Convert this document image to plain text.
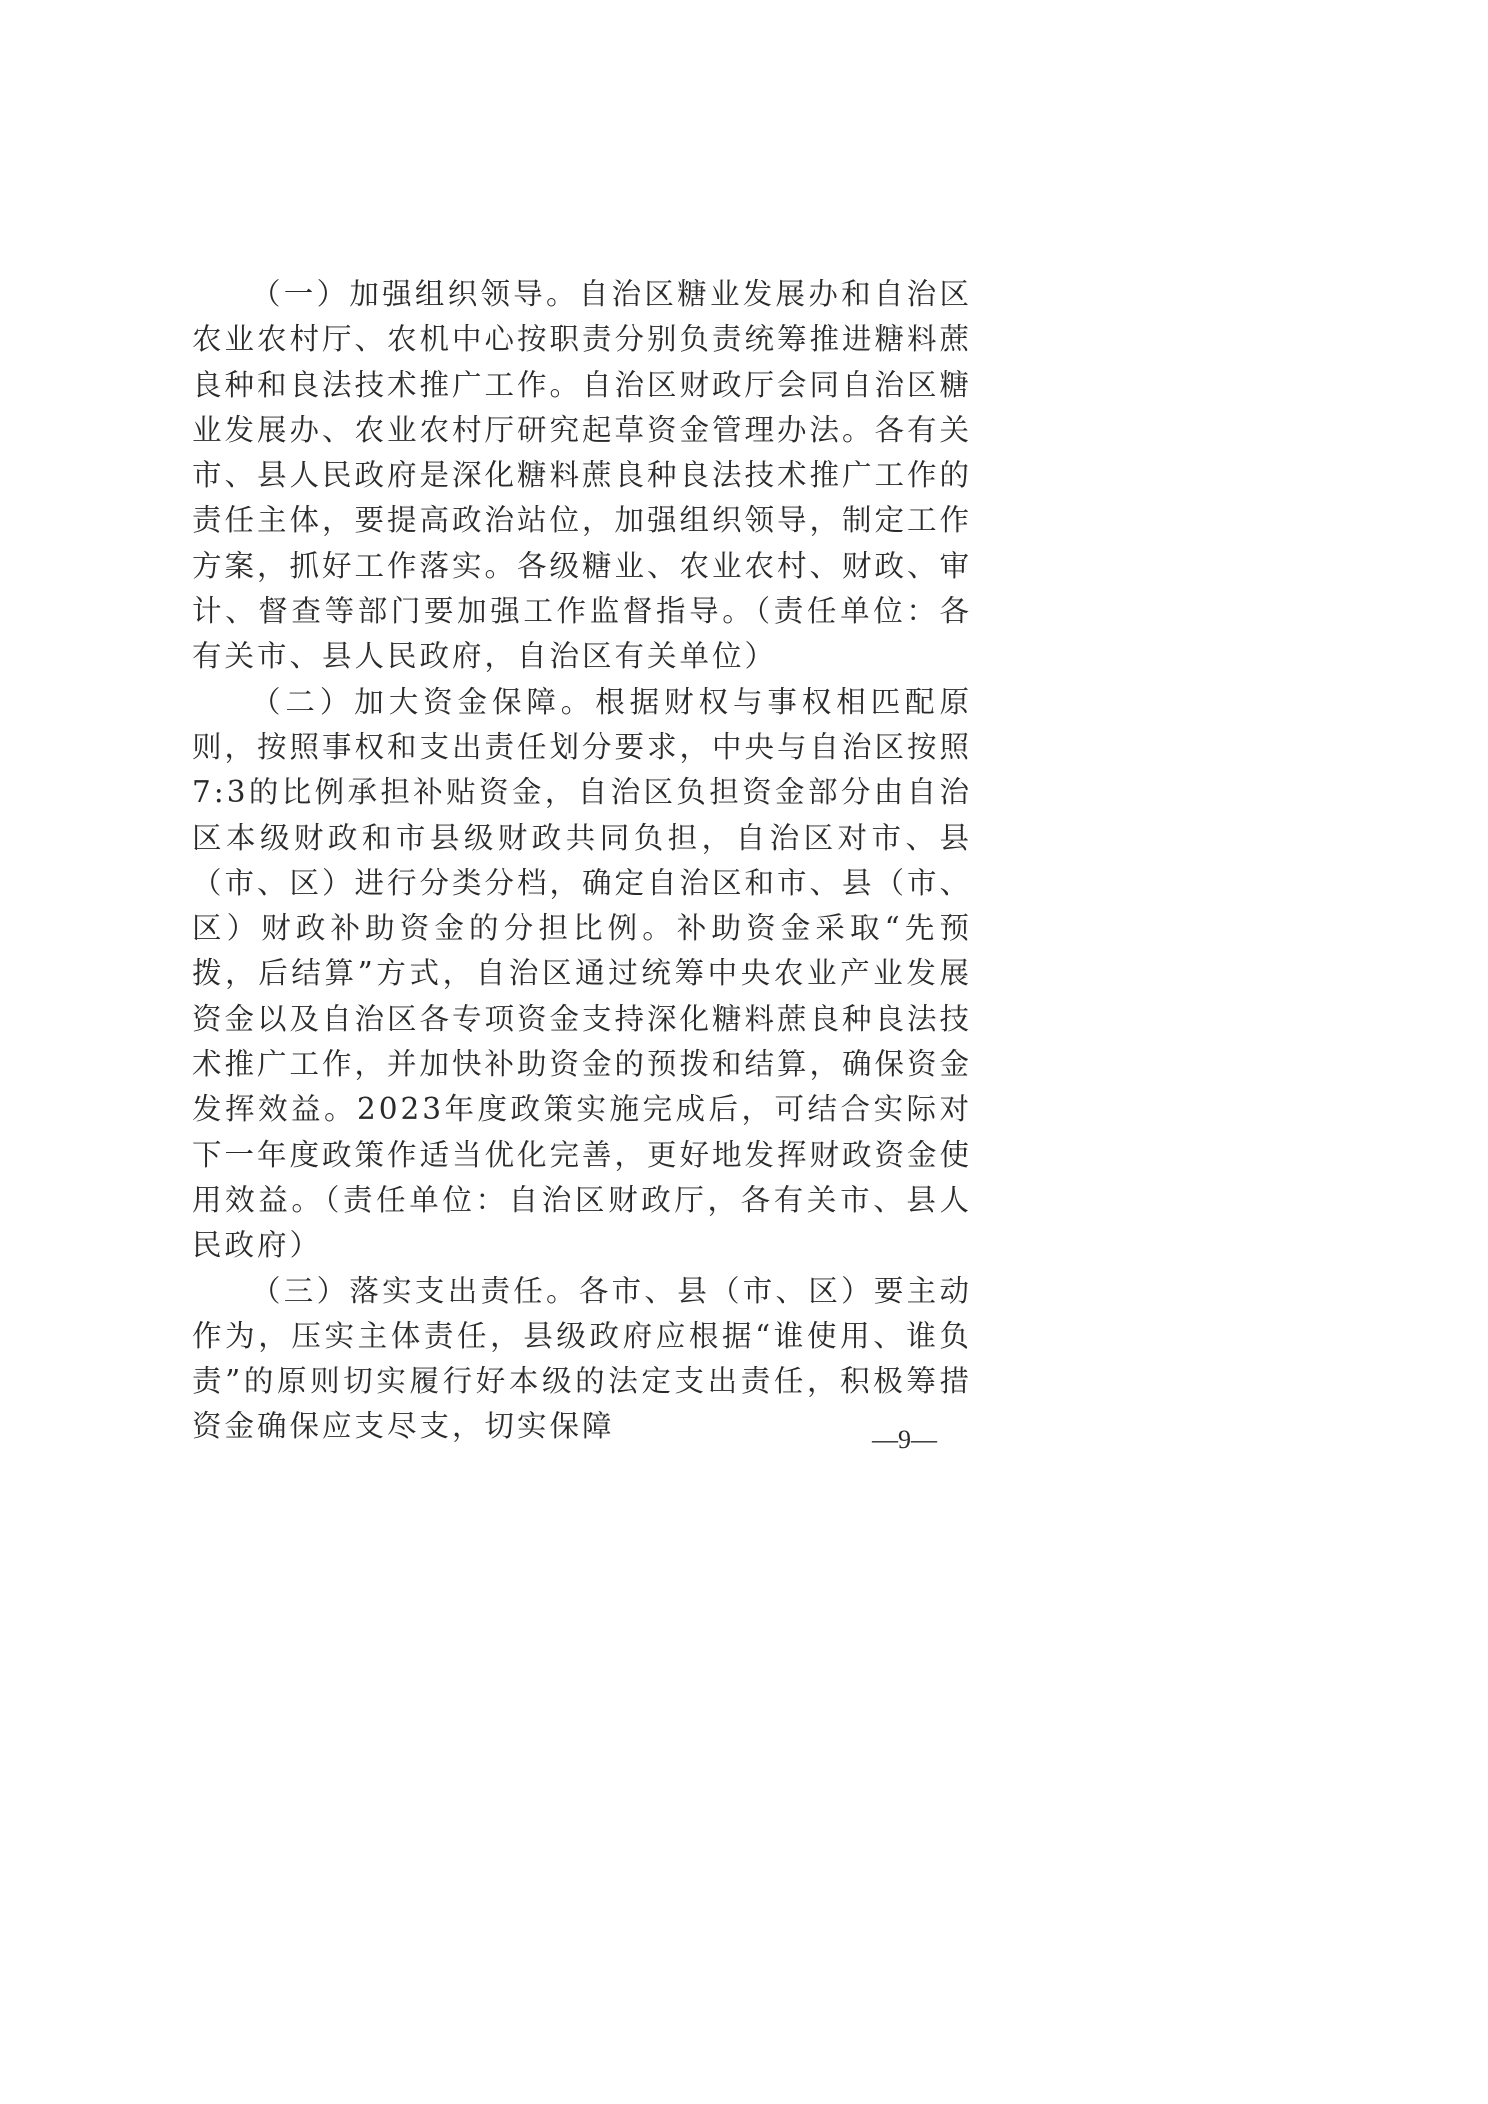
（一）加强组织领导。自治区糖业发展办和自治区农业农村厅、农机中心按职责分别负责统筹推进糖料蔗良种和良法技术推广工作。自治区财政厅会同自治区糖业发展办、农业农村厅研究起草资金管理办法。各有关市、县人民政府是深化糖料蔗良种良法技术推广工作的责任主体，要提高政治站位，加强组织领导，制定工作方案，抓好工作落实。各级糖业、农业农村、财政、审计、督查等部门要加强工作监督指导。（责任单位：各有关市、县人民政府，自治区有关单位）

（二）加大资金保障。根据财权与事权相匹配原则，按照事权和支出责任划分要求，中央与自治区按照7:3的比例承担补贴资金，自治区负担资金部分由自治区本级财政和市县级财政共同负担，自治区对市、县（市、区）进行分类分档，确定自治区和市、县（市、区）财政补助资金的分担比例。补助资金采取“先预拨，后结算”方式，自治区通过统筹中央农业产业发展资金以及自治区各专项资金支持深化糖料蔗良种良法技术推广工作，并加快补助资金的预拨和结算，确保资金发挥效益。2023年度政策实施完成后，可结合实际对下一年度政策作适当优化完善，更好地发挥财政资金使用效益。（责任单位：自治区财政厅，各有关市、县人民政府）

（三）落实支出责任。各市、县（市、区）要主动作为，压实主体责任，县级政府应根据“谁使用、谁负责”的原则切实履行好本级的法定支出责任，积极筹措资金确保应支尽支，切实保障	—9—
